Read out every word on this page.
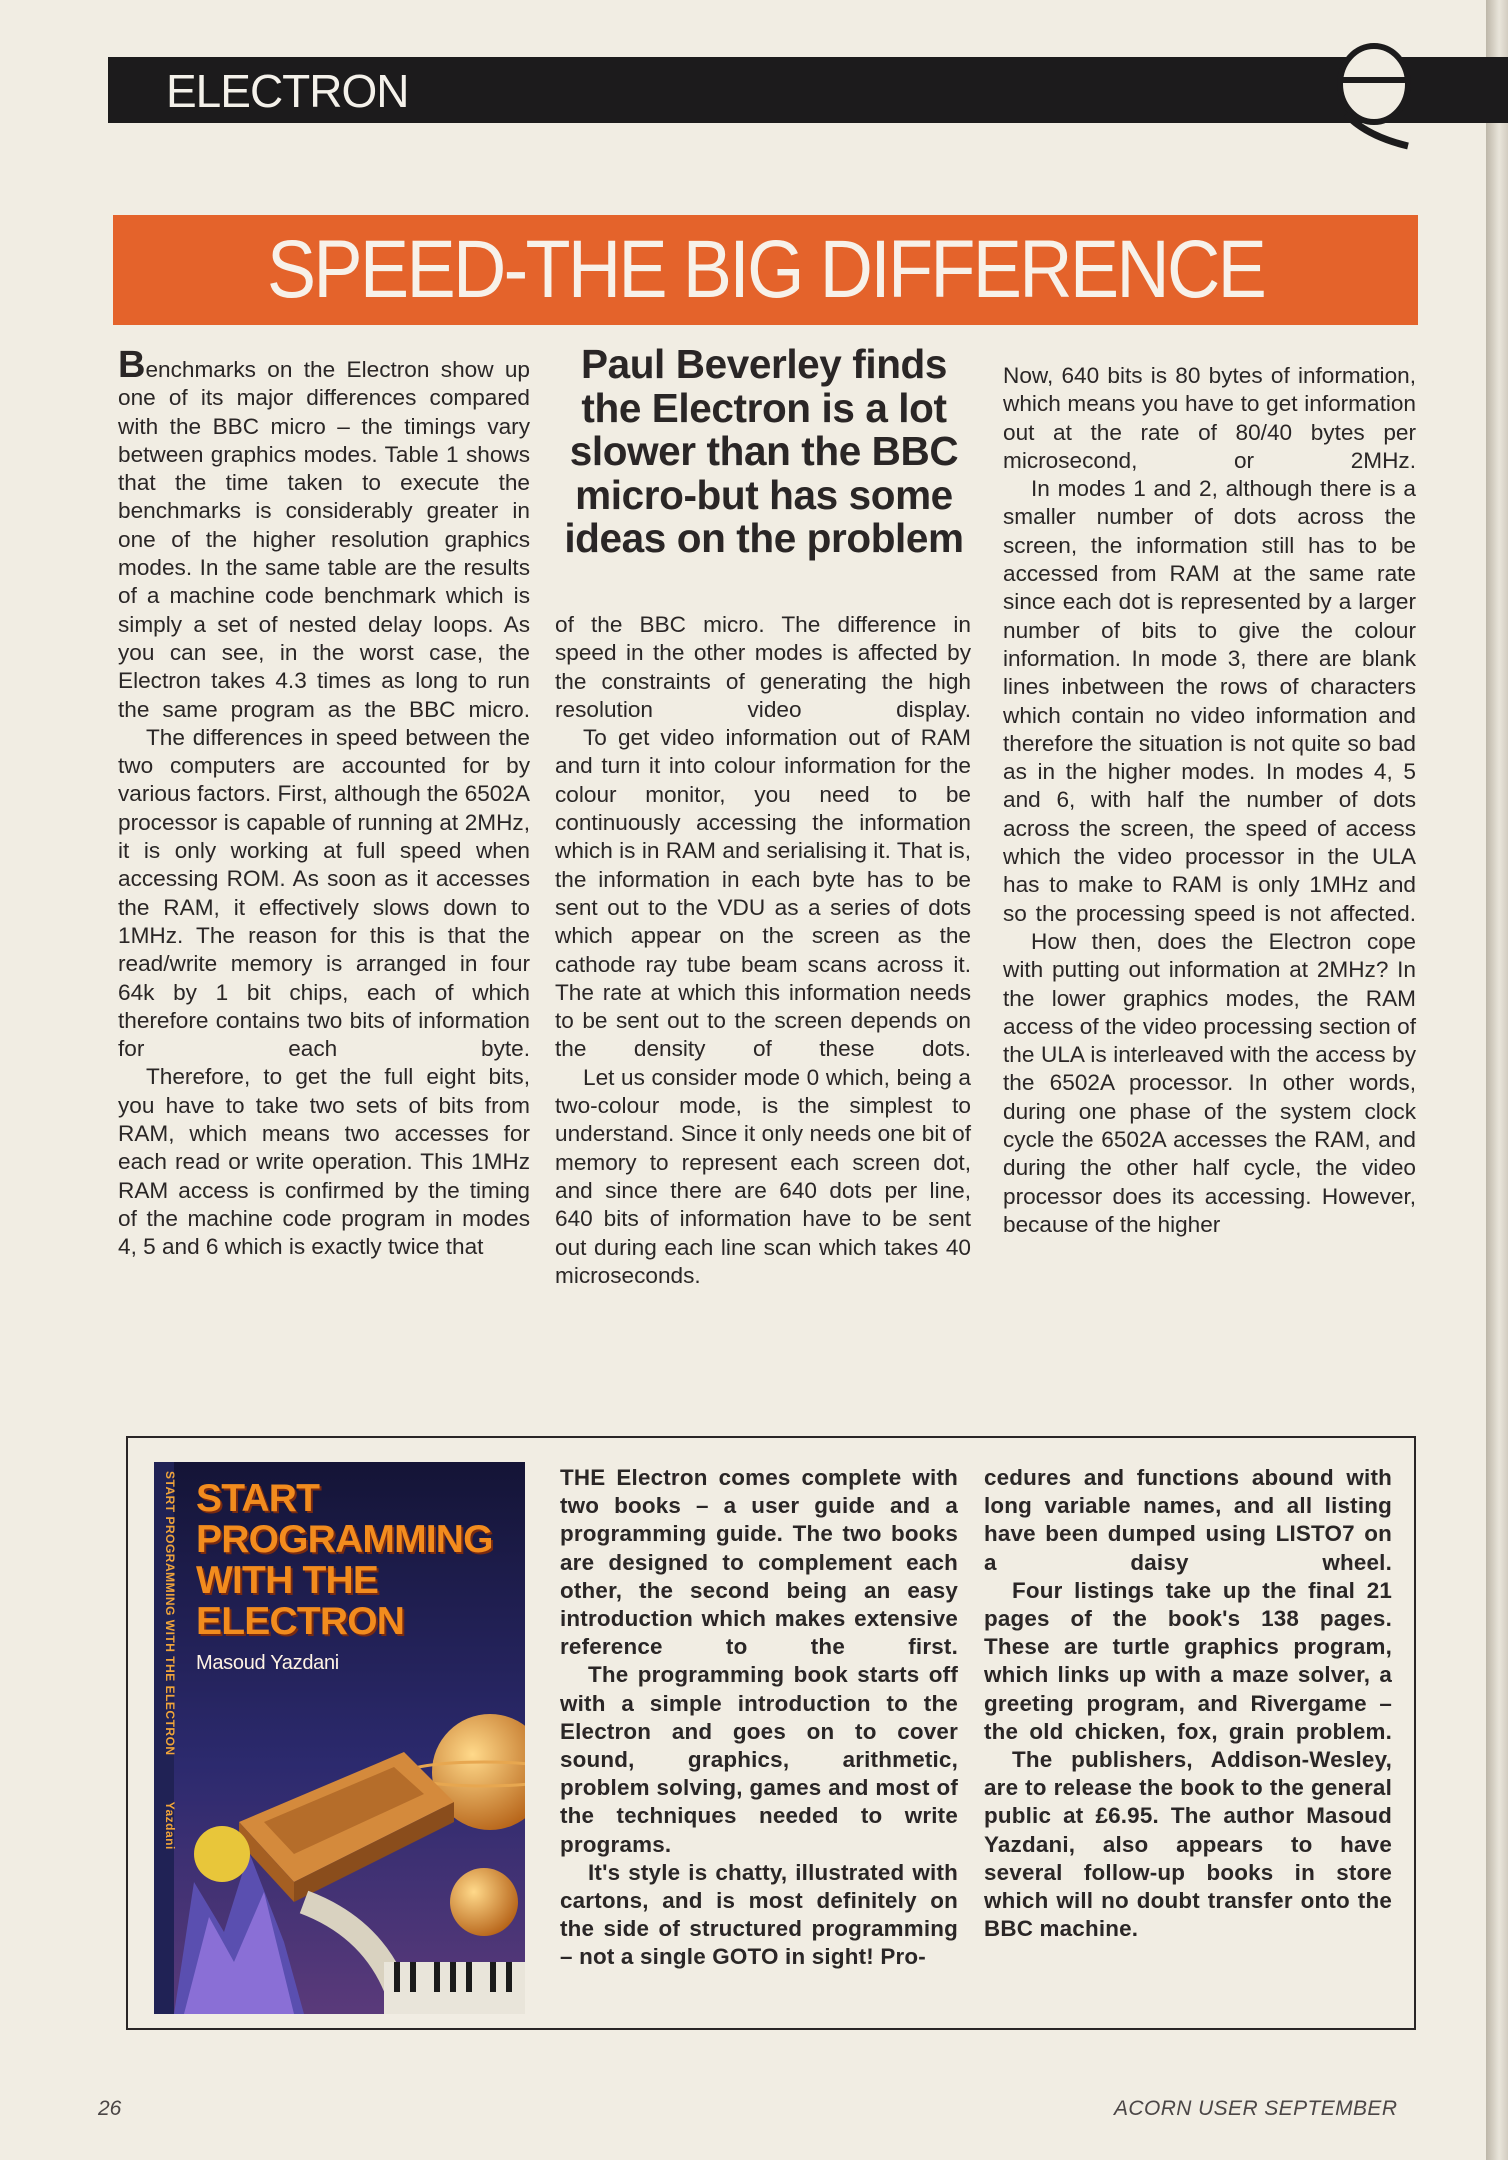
ELECTRON
SPEED-THE BIG DIFFERENCE

Benchmarks on the Electron show up one of its major differences compared with the BBC micro – the timings vary between graphics modes. Table 1 shows that the time taken to execute the benchmarks is considerably greater in one of the higher resolution graphics modes. In the same table are the results of a machine code benchmark which is simply a set of nested delay loops. As you can see, in the worst case, the Electron takes 4.3 times as long to run the same program as the BBC micro.

The differences in speed between the two computers are accounted for by various factors. First, although the 6502A processor is capable of running at 2MHz, it is only working at full speed when accessing ROM. As soon as it accesses the RAM, it effectively slows down to 1MHz. The reason for this is that the read/write memory is arranged in four 64k by 1 bit chips, each of which therefore contains two bits of information for each byte.

Therefore, to get the full eight bits, you have to take two sets of bits from RAM, which means two accesses for each read or write operation. This 1MHz RAM access is confirmed by the timing of the machine code program in modes 4, 5 and 6 which is exactly twice that

Paul Beverley finds the Electron is a lot slower than the BBC micro-but has some ideas on the problem

of the BBC micro. The difference in speed in the other modes is affected by the constraints of generating the high resolution video display.

To get video information out of RAM and turn it into colour information for the colour monitor, you need to be continuously accessing the information which is in RAM and serialising it. That is, the information in each byte has to be sent out to the VDU as a series of dots which appear on the screen as the cathode ray tube beam scans across it. The rate at which this information needs to be sent out to the screen depends on the density of these dots.

Let us consider mode 0 which, being a two-colour mode, is the simplest to understand. Since it only needs one bit of memory to represent each screen dot, and since there are 640 dots per line, 640 bits of information have to be sent out during each line scan which takes 40 microseconds.

Now, 640 bits is 80 bytes of information, which means you have to get information out at the rate of 80/40 bytes per microsecond, or 2MHz.

In modes 1 and 2, although there is a smaller number of dots across the screen, the information still has to be accessed from RAM at the same rate since each dot is represented by a larger number of bits to give the colour information. In mode 3, there are blank lines inbetween the rows of characters which contain no video information and therefore the situation is not quite so bad as in the higher modes. In modes 4, 5 and 6, with half the number of dots across the screen, the speed of access which the video processor in the ULA has to make to RAM is only 1MHz and so the processing speed is not affected.

How then, does the Electron cope with putting out information at 2MHz? In the lower graphics modes, the RAM access of the video processing section of the ULA is interleaved with the access by the 6502A processor. In other words, during one phase of the system clock cycle the 6502A accesses the RAM, and during the other half cycle, the video processor does its accessing. However, because of the higher

START PROGRAMMING WITH THE ELECTRON            Yazdani
START
PROGRAMMING
WITH THE
ELECTRON
Masoud Yazdani

THE Electron comes complete with two books – a user guide and a programming guide. The two books are designed to complement each other, the second being an easy introduction which makes extensive reference to the first.

The programming book starts off with a simple introduction to the Electron and goes on to cover sound, graphics, arithmetic, problem solving, games and most of the techniques needed to write programs.

It's style is chatty, illustrated with cartons, and is most definitely on the side of structured programming – not a single GOTO in sight! Pro-

cedures and functions abound with long variable names, and all listing have been dumped using LISTO7 on a daisy wheel.

Four listings take up the final 21 pages of the book's 138 pages. These are turtle graphics program, which links up with a maze solver, a greeting program, and Rivergame – the old chicken, fox, grain problem.

The publishers, Addison-Wesley, are to release the book to the general public at £6.95. The author Masoud Yazdani, also appears to have several follow-up books in store which will no doubt transfer onto the BBC machine.

26	ACORN USER SEPTEMBER
